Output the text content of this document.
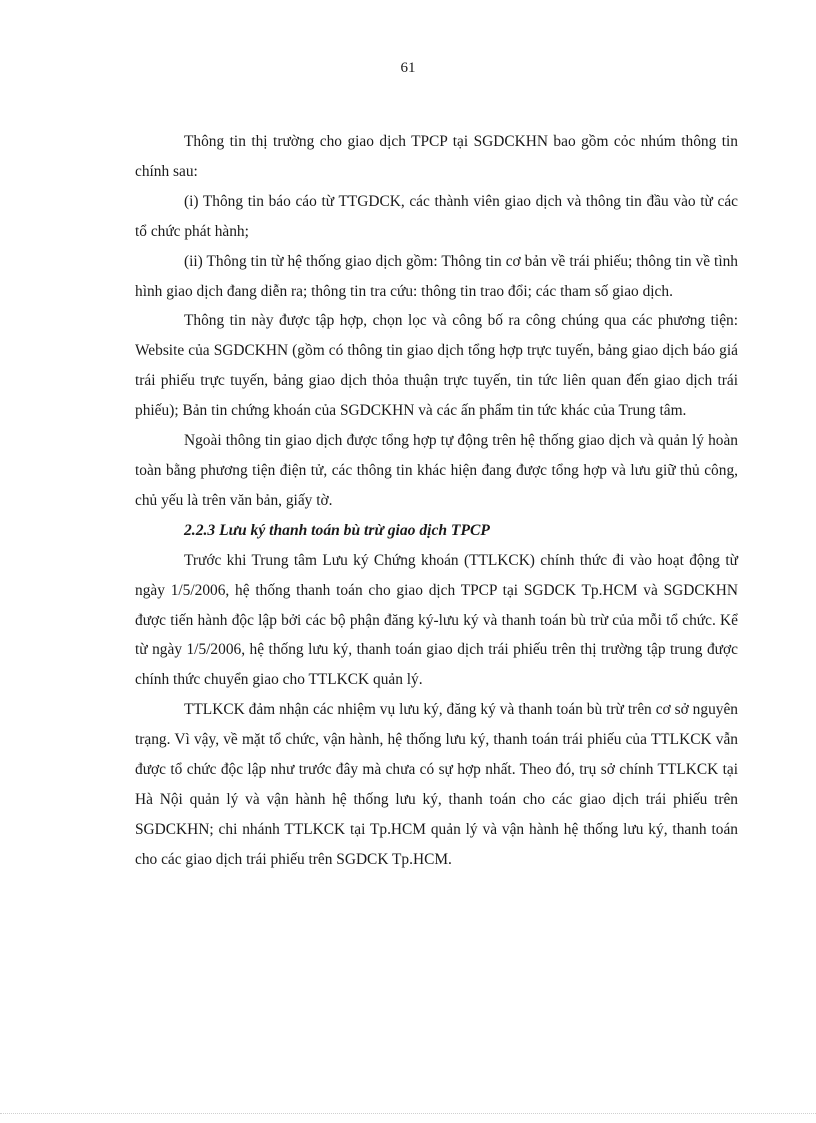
61

Thông tin thị trường cho giao dịch TPCP tại SGDCKHN bao gồm cỏc nhúm thông tin chính sau:

(i) Thông tin báo cáo từ TTGDCK, các thành viên giao dịch và thông tin đầu vào từ các tổ chức phát hành;

(ii) Thông tin từ hệ thống giao dịch gồm: Thông tin cơ bản về trái phiếu; thông tin về tình hình giao dịch đang diễn ra; thông tin tra cứu: thông tin trao đổi; các tham số giao dịch.

Thông tin này được tập hợp, chọn lọc và công bố ra công chúng qua các phương tiện: Website của SGDCKHN (gồm có thông tin giao dịch tổng hợp trực tuyến, bảng giao dịch báo giá trái phiếu trực tuyến, bảng giao dịch thỏa thuận trực tuyến, tin tức liên quan đến giao dịch trái phiếu); Bản tin chứng khoán của SGDCKHN và các ấn phẩm tin tức khác của Trung tâm.

Ngoài thông tin giao dịch được tổng hợp tự động trên hệ thống giao dịch và quản lý hoàn toàn bằng phương tiện điện tử, các thông tin khác hiện đang được tổng hợp và lưu giữ thủ công, chủ yếu là trên văn bản, giấy tờ.

2.2.3 Lưu ký thanh toán bù trừ giao dịch TPCP

Trước khi Trung tâm Lưu ký Chứng khoán (TTLKCK) chính thức đi vào hoạt động từ ngày 1/5/2006, hệ thống thanh toán cho giao dịch TPCP tại SGDCK Tp.HCM và SGDCKHN được tiến hành độc lập bởi các bộ phận đăng ký-lưu ký và thanh toán bù trừ của mỗi tổ chức. Kể từ ngày 1/5/2006, hệ thống lưu ký, thanh toán giao dịch trái phiếu trên thị trường tập trung được chính thức chuyển giao cho TTLKCK quản lý.

TTLKCK đảm nhận các nhiệm vụ lưu ký, đăng ký và thanh toán bù trừ trên cơ sở nguyên trạng. Vì vậy, về mặt tổ chức, vận hành, hệ thống lưu ký, thanh toán trái phiếu của TTLKCK vẫn được tổ chức độc lập như trước đây mà chưa có sự hợp nhất. Theo đó, trụ sở chính TTLKCK tại Hà Nội quản lý và vận hành hệ thống lưu ký, thanh toán cho các giao dịch trái phiếu trên SGDCKHN; chi nhánh TTLKCK tại Tp.HCM quản lý và vận hành hệ thống lưu ký, thanh toán cho các giao dịch trái phiếu trên SGDCK Tp.HCM.
